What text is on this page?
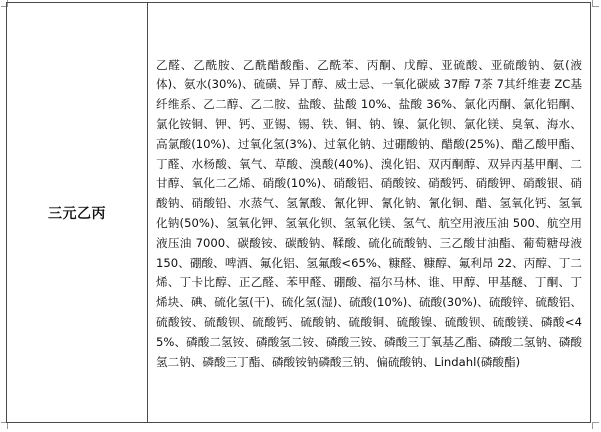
三元乙丙	
乙醛、乙酰胺、乙酰醋酸酯、乙酰苯、丙酮、戊醇、亚硫酸、亚硫酸钠、氨(液体)、氨水(30%)、硫磺、异丁醇、威士忌、一氧化碳威 37醇 7茶 7其纤维妻 ZC基纤维系、乙二醇、乙二胺、盐酸、盐酸 10%、盐酸 36%、氯化丙酮、氯化铝酮、氯化铵铜、钾、钙、亚锡、锡、铁、铜、钠、镍、氯化钡、氯化镁、臭氧、海水、高氯酸(10%)、过氧化氢(3%)、过氧化钠、过硼酸钠、醋酸(25%)、醋乙酸甲酯、丁醛、水杨酸、氧气、草酸、溴酸(40%)、溴化铝、双丙酮醇、双异丙基甲酮、二甘醇、氧化二乙烯、硝酸(10%)、硝酸铝、硝酸铵、硝酸钙、硝酸钾、硝酸银、硝酸钠、硝酸铅、水蒸气、氢氰酸、氰化钾、氰化钠、氰化铜、醋、氢氧化钙、氢氧化钠(50%)、氢氧化钾、氢氧化钡、氢氧化镁、氢气、航空用液压油 500、航空用液压油 7000、碳酸铵、碳酸钠、鞣酸、硫化硫酸钠、三乙酸甘油酯、葡萄糖母液 150、硼酸、啤酒、氟化铝、氢氟酸<65%、糠醛、糠醇、氟利昂 22、丙醇、丁二烯、丁卡比醇、正乙醛、苯甲醛、硼酸、福尔马林、谁、甲醇、甲基醚、丁酮、丁烯块、碘、硫化氢(干)、硫化氢(湿)、硫酸(10%)、硫酸(30%)、硫酸锌、硫酸铝、硫酸铵、硫酸钡、硫酸钙、硫酸钠、硫酸铜、硫酸镍、硫酸钡、硫酸镁、磷酸<45%、磷酸二氢铵、磷酸氢二铵、磷酸三铵、磷酸三丁氧基乙酯、磷酸二氢钠、磷酸氢二钠、磷酸三丁酯、磷酸铵钠磷酸三钠、偏硫酸钠、Lindahl(磷酸酯)
